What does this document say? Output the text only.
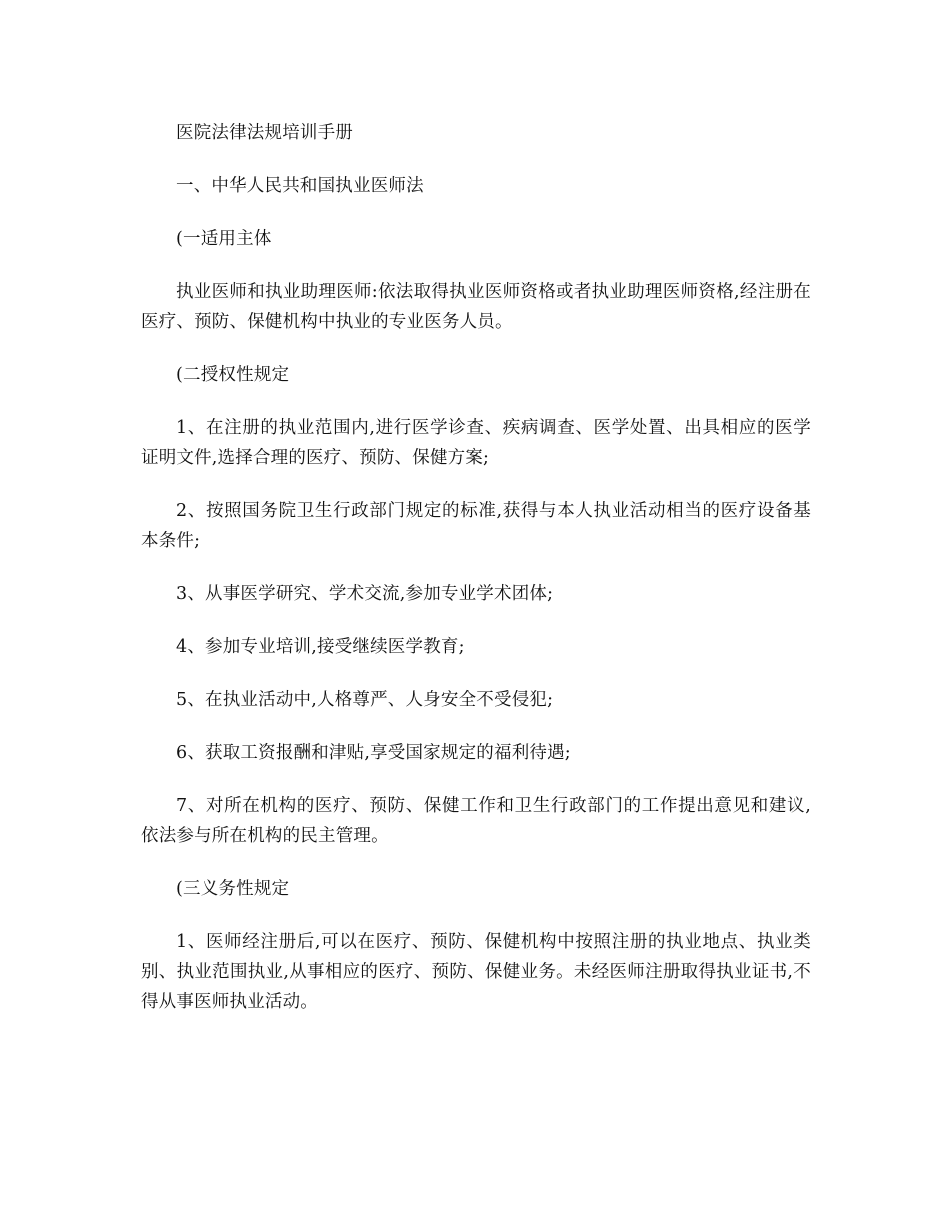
医院法律法规培训手册

一、中华人民共和国执业医师法

(一适用主体

执业医师和执业助理医师:依法取得执业医师资格或者执业助理医师资格,经注册在医疗、预防、保健机构中执业的专业医务人员。

(二授权性规定

1、在注册的执业范围内,进行医学诊查、疾病调查、医学处置、出具相应的医学证明文件,选择合理的医疗、预防、保健方案;

2、按照国务院卫生行政部门规定的标准,获得与本人执业活动相当的医疗设备基本条件;

3、从事医学研究、学术交流,参加专业学术团体;

4、参加专业培训,接受继续医学教育;

5、在执业活动中,人格尊严、人身安全不受侵犯;

6、获取工资报酬和津贴,享受国家规定的福利待遇;

7、对所在机构的医疗、预防、保健工作和卫生行政部门的工作提出意见和建议,依法参与所在机构的民主管理。

(三义务性规定

1、医师经注册后,可以在医疗、预防、保健机构中按照注册的执业地点、执业类别、执业范围执业,从事相应的医疗、预防、保健业务。未经医师注册取得执业证书,不得从事医师执业活动。
